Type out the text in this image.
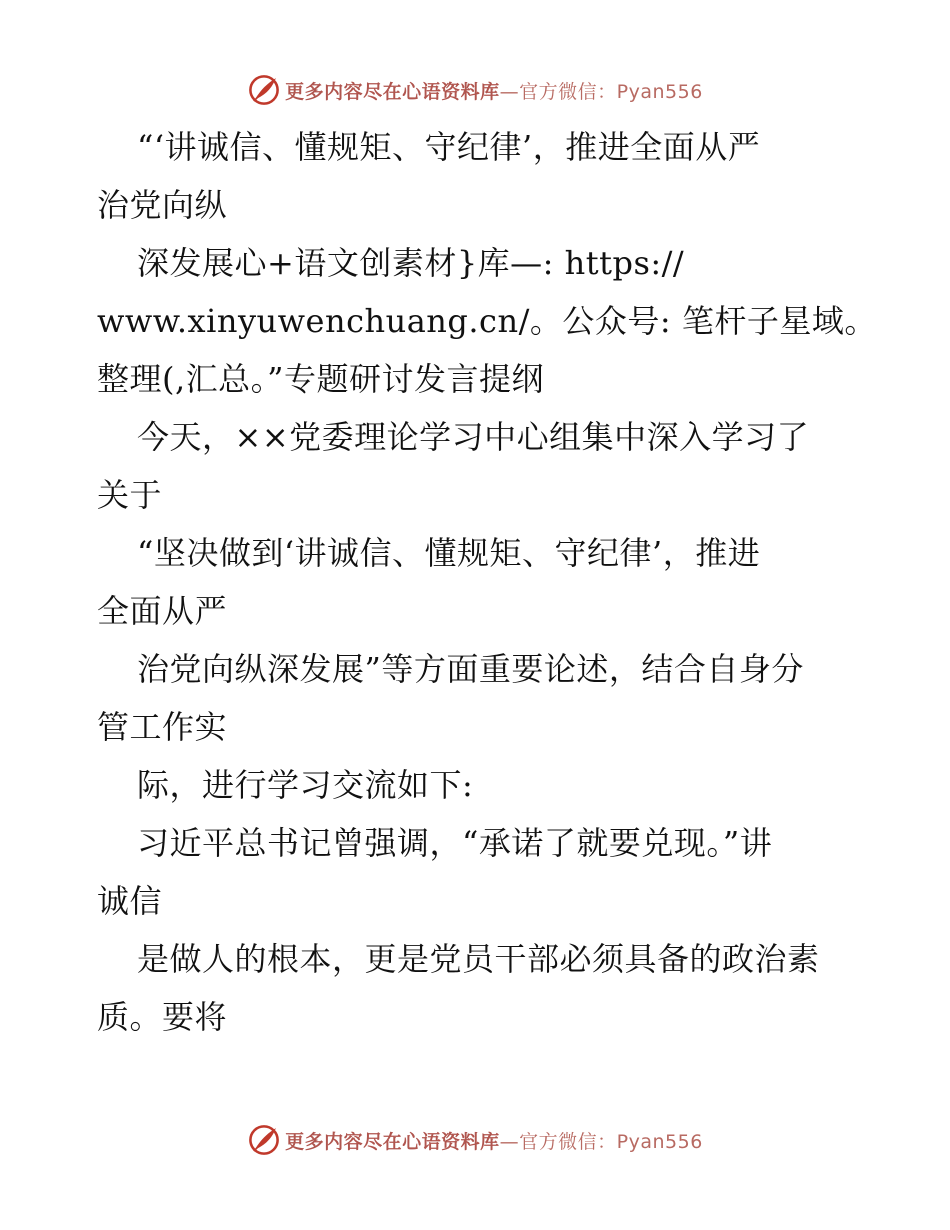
更多内容尽在心语资料库—官方微信：Pyan556

“‘讲诚信、懂规矩、守纪律’，推进全面从严
治党向纵

深发展心+语文创素材}库—: https://
www.xinyuwenchuang.cn/。公众号: 笔杆子星域。
整理(,汇总。”专题研讨发言提纲

今天，××党委理论学习中心组集中深入学习了
关于

“坚决做到‘讲诚信、懂规矩、守纪律’，推进
全面从严

治党向纵深发展”等方面重要论述，结合自身分
管工作实

际，进行学习交流如下:

习近平总书记曾强调，“承诺了就要兑现。”讲
诚信

是做人的根本，更是党员干部必须具备的政治素
质。要将

更多内容尽在心语资料库—官方微信：Pyan556
